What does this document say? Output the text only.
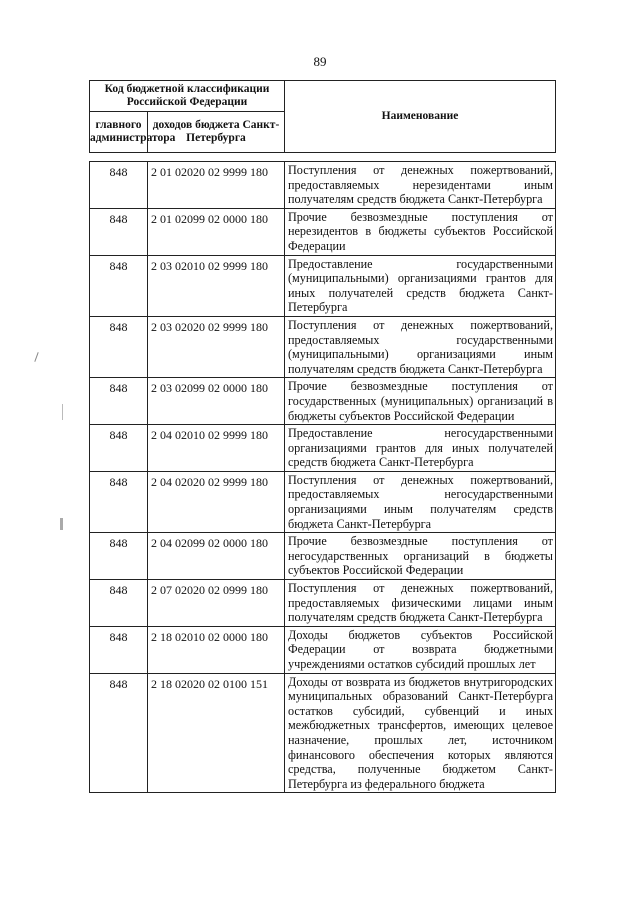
89
Код бюджетной классификации Российской Федерации		Наименование
главного администратора	доходов бюджета Санкт-Петербурга	

848	2 01 02020 02 9999 180	Поступления от денежных пожертвований, предоставляемых нерезидентами иным получателям средств бюджета Санкт-Петербурга
848	2 01 02099 02 0000 180	Прочие безвозмездные поступления от нерезидентов в бюджеты субъектов Российской Федерации
848	2 03 02010 02 9999 180	Предоставление государственными (муниципальными) организациями грантов для иных получателей средств бюджета Санкт-Петербурга
848	2 03 02020 02 9999 180	Поступления от денежных пожертвований, предоставляемых государственными (муниципальными) организациями иным получателям средств бюджета Санкт-Петербурга
848	2 03 02099 02 0000 180	Прочие безвозмездные поступления от государственных (муниципальных) организаций в бюджеты субъектов Российской Федерации
848	2 04 02010 02 9999 180	Предоставление негосударственными организациями грантов для иных получателей средств бюджета Санкт-Петербурга
848	2 04 02020 02 9999 180	Поступления от денежных пожертвований, предоставляемых негосударственными организациями иным получателям средств бюджета Санкт-Петербурга
848	2 04 02099 02 0000 180	Прочие безвозмездные поступления от негосударственных организаций в бюджеты субъектов Российской Федерации
848	2 07 02020 02 0999 180	Поступления от денежных пожертвований, предоставляемых физическими лицами иным получателям средств бюджета Санкт-Петербурга
848	2 18 02010 02 0000 180	Доходы бюджетов субъектов Российской Федерации от возврата бюджетными учреждениями остатков субсидий прошлых лет
848	2 18 02020 02 0100 151	Доходы от возврата из бюджетов внутригородских муниципальных образований Санкт-Петербурга остатков субсидий, субвенций и иных межбюджетных трансфертов, имеющих целевое назначение, прошлых лет, источником финансового обеспечения которых являются средства, полученные бюджетом Санкт-Петербурга из федерального бюджета
